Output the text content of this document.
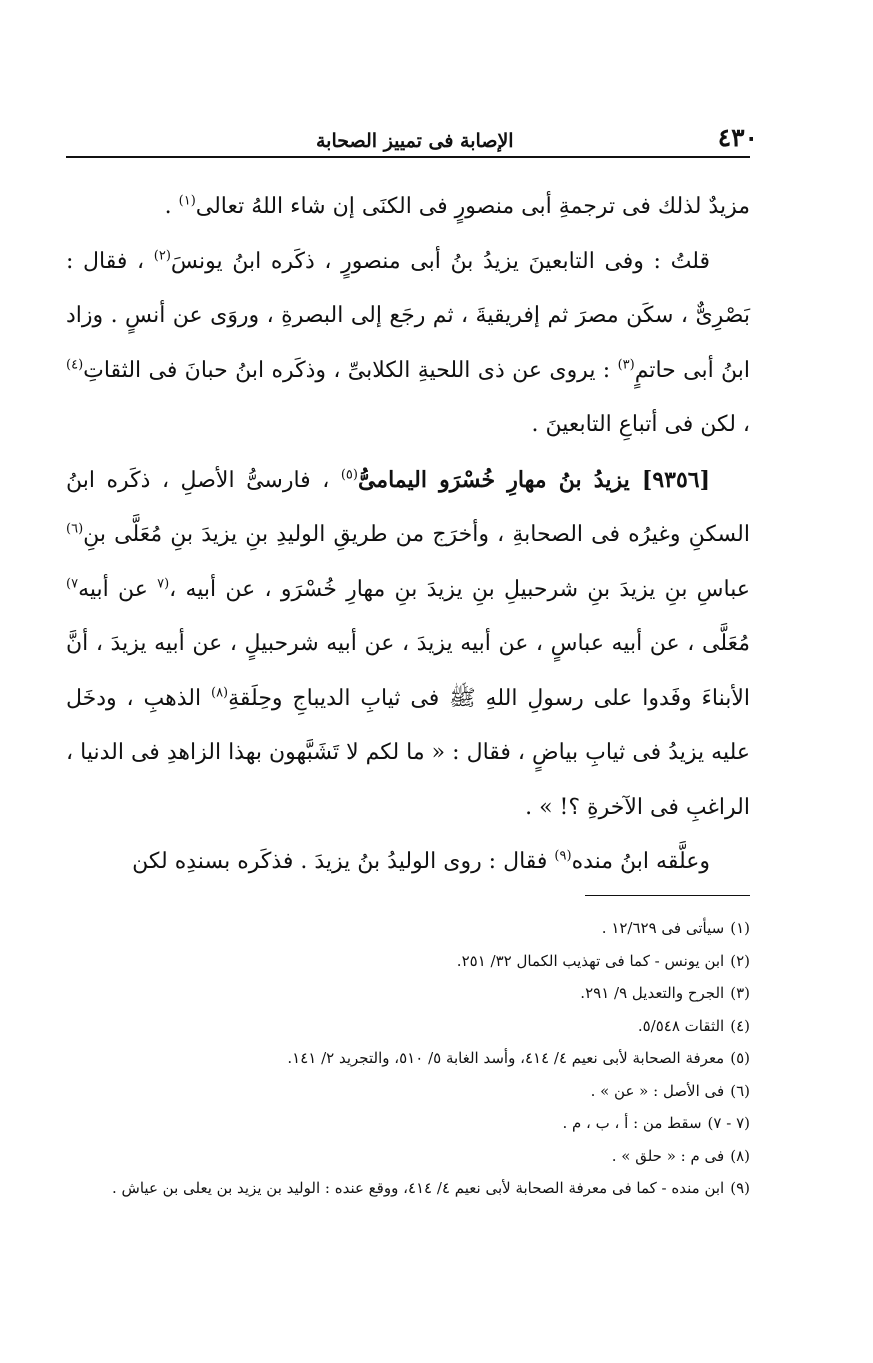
٤٣٠
الإصابة فى تمييز الصحابة

مزيدٌ لذلك فى ترجمةِ أبى منصورٍ فى الكنَى إن شاء اللهُ تعالى$^{(١)}$ .

قلتُ : وفى التابعينَ يزيدُ بنُ أبى منصورٍ ، ذكَره ابنُ يونسَ$^{(٢)}$ ، فقال : بَصْرِىٌّ ، سكَن مصرَ ثم إفريقيةَ ، ثم رجَع إلى البصرةِ ، وروَى عن أنسٍ . وزاد ابنُ أبى حاتمٍ$^{(٣)}$ : يروى عن ذى اللحيةِ الكلابىِّ ، وذكَره ابنُ حبانَ فى الثقاتِ$^{(٤)}$ ، لكن فى أتباعِ التابعينَ .

[٩٣٥٦] يزيدُ بنُ مهارِ خُسْرَو اليمامىُّ$^{(٥)}$ ، فارسىُّ الأصلِ ، ذكَره ابنُ السكنِ وغيرُه فى الصحابةِ ، وأخرَج من طريقِ الوليدِ بنِ يزيدَ بنِ مُعَلَّى بنِ$^{(٦)}$ عباسِ بنِ يزيدَ بنِ شرحبيلِ بنِ يزيدَ بنِ مهارِ خُسْرَو ، عن أبيه ،$^{(٧}$ عن أبيه$^{٧)}$ مُعَلَّى ، عن أبيه عباسٍ ، عن أبيه يزيدَ ، عن أبيه شرحبيلٍ ، عن أبيه يزيدَ ، أنَّ الأبناءَ وفَدوا على رسولِ اللهِ ﷺ فى ثيابِ الديباجِ وحِلَقةِ$^{(٨)}$ الذهبِ ، ودخَل عليه يزيدُ فى ثيابِ بياضٍ ، فقال : « ما لكم لا تَشَبَّهون بهذا الزاهدِ فى الدنيا ، الراغبِ فى الآخرةِ ؟! » .

وعلَّقه ابنُ منده$^{(٩)}$ فقال : روى الوليدُ بنُ يزيدَ . فذكَره بسندِه لكن

(١)
سيأتى فى ١٢/٦٢٩ .
(٢)
ابن يونس - كما فى تهذيب الكمال ٣٢/ ٢٥١.
(٣)
الجرح والتعديل ٩/ ٢٩١.
(٤)
الثقات ٥/٥٤٨.
(٥)
معرفة الصحابة لأبى نعيم ٤/ ٤١٤، وأسد الغابة ٥/ ٥١٠، والتجريد ٢/ ١٤١.
(٦)
فى الأصل : « عن » .
(٧ - ٧)
سقط من : أ ، ب ، م .
(٨)
فى م : « حلق » .
(٩)
ابن منده - كما فى معرفة الصحابة لأبى نعيم ٤/ ٤١٤، ووقع عنده : الوليد بن يزيد بن يعلى بن عياش .
